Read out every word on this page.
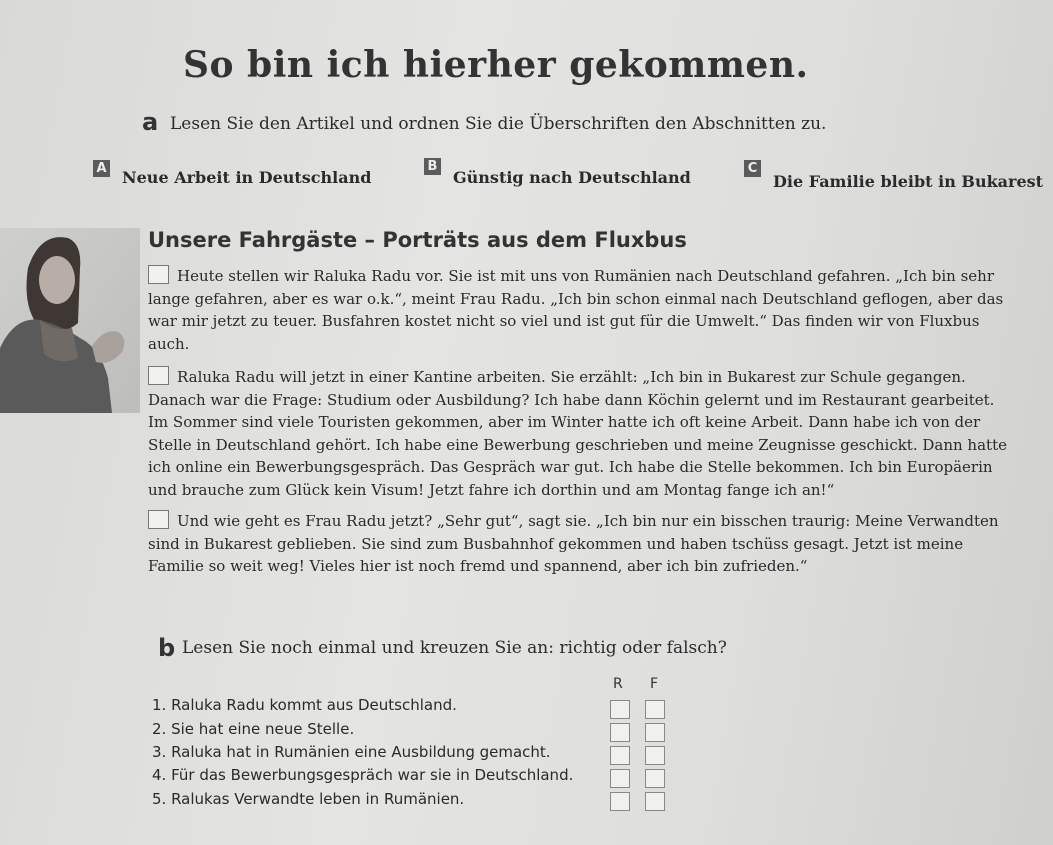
So bin ich hierher gekommen.
a Lesen Sie den Artikel und ordnen Sie die Überschriften den Abschnitten zu.
A Neue Arbeit in Deutschland
B
Günstig nach Deutschland	C
Die Familie bleibt in Bukarest
Unsere Fahrgäste – Porträts aus dem Fluxbus
Heute stellen wir Raluka Radu vor. Sie ist mit uns von Rumänien nach Deutschland gefahren. „Ich bin sehr
lange gefahren, aber es war o.k.“, meint Frau Radu. „Ich bin schon einmal nach Deutschland geflogen, aber das
war mir jetzt zu teuer. Busfahren kostet nicht so viel und ist gut für die Umwelt.“ Das finden wir von Fluxbus
auch.
Raluka Radu will jetzt in einer Kantine arbeiten. Sie erzählt: „Ich bin in Bukarest zur Schule gegangen.
Danach war die Frage: Studium oder Ausbildung? Ich habe dann Köchin gelernt und im Restaurant gearbeitet.
Im Sommer sind viele Touristen gekommen, aber im Winter hatte ich oft keine Arbeit. Dann habe ich von der
Stelle in Deutschland gehört. Ich habe eine Bewerbung geschrieben und meine Zeugnisse geschickt. Dann hatte
ich online ein Bewerbungsgespräch. Das Gespräch war gut. Ich habe die Stelle bekommen. Ich bin Europäerin
und brauche zum Glück kein Visum! Jetzt fahre ich dorthin und am Montag fange ich an!“
Und wie geht es Frau Radu jetzt? „Sehr gut“, sagt sie. „Ich bin nur ein bisschen traurig: Meine Verwandten
sind in Bukarest geblieben. Sie sind zum Busbahnhof gekommen und haben tschüss gesagt. Jetzt ist meine
Familie so weit weg! Vieles hier ist noch fremd und spannend, aber ich bin zufrieden.“
b Lesen Sie noch einmal und kreuzen Sie an: richtig oder falsch?
R F
1. Raluka Radu kommt aus Deutschland.
2. Sie hat eine neue Stelle.
3. Raluka hat in Rumänien eine Ausbildung gemacht.
4. Für das Bewerbungsgespräch war sie in Deutschland.
5. Ralukas Verwandte leben in Rumänien.
